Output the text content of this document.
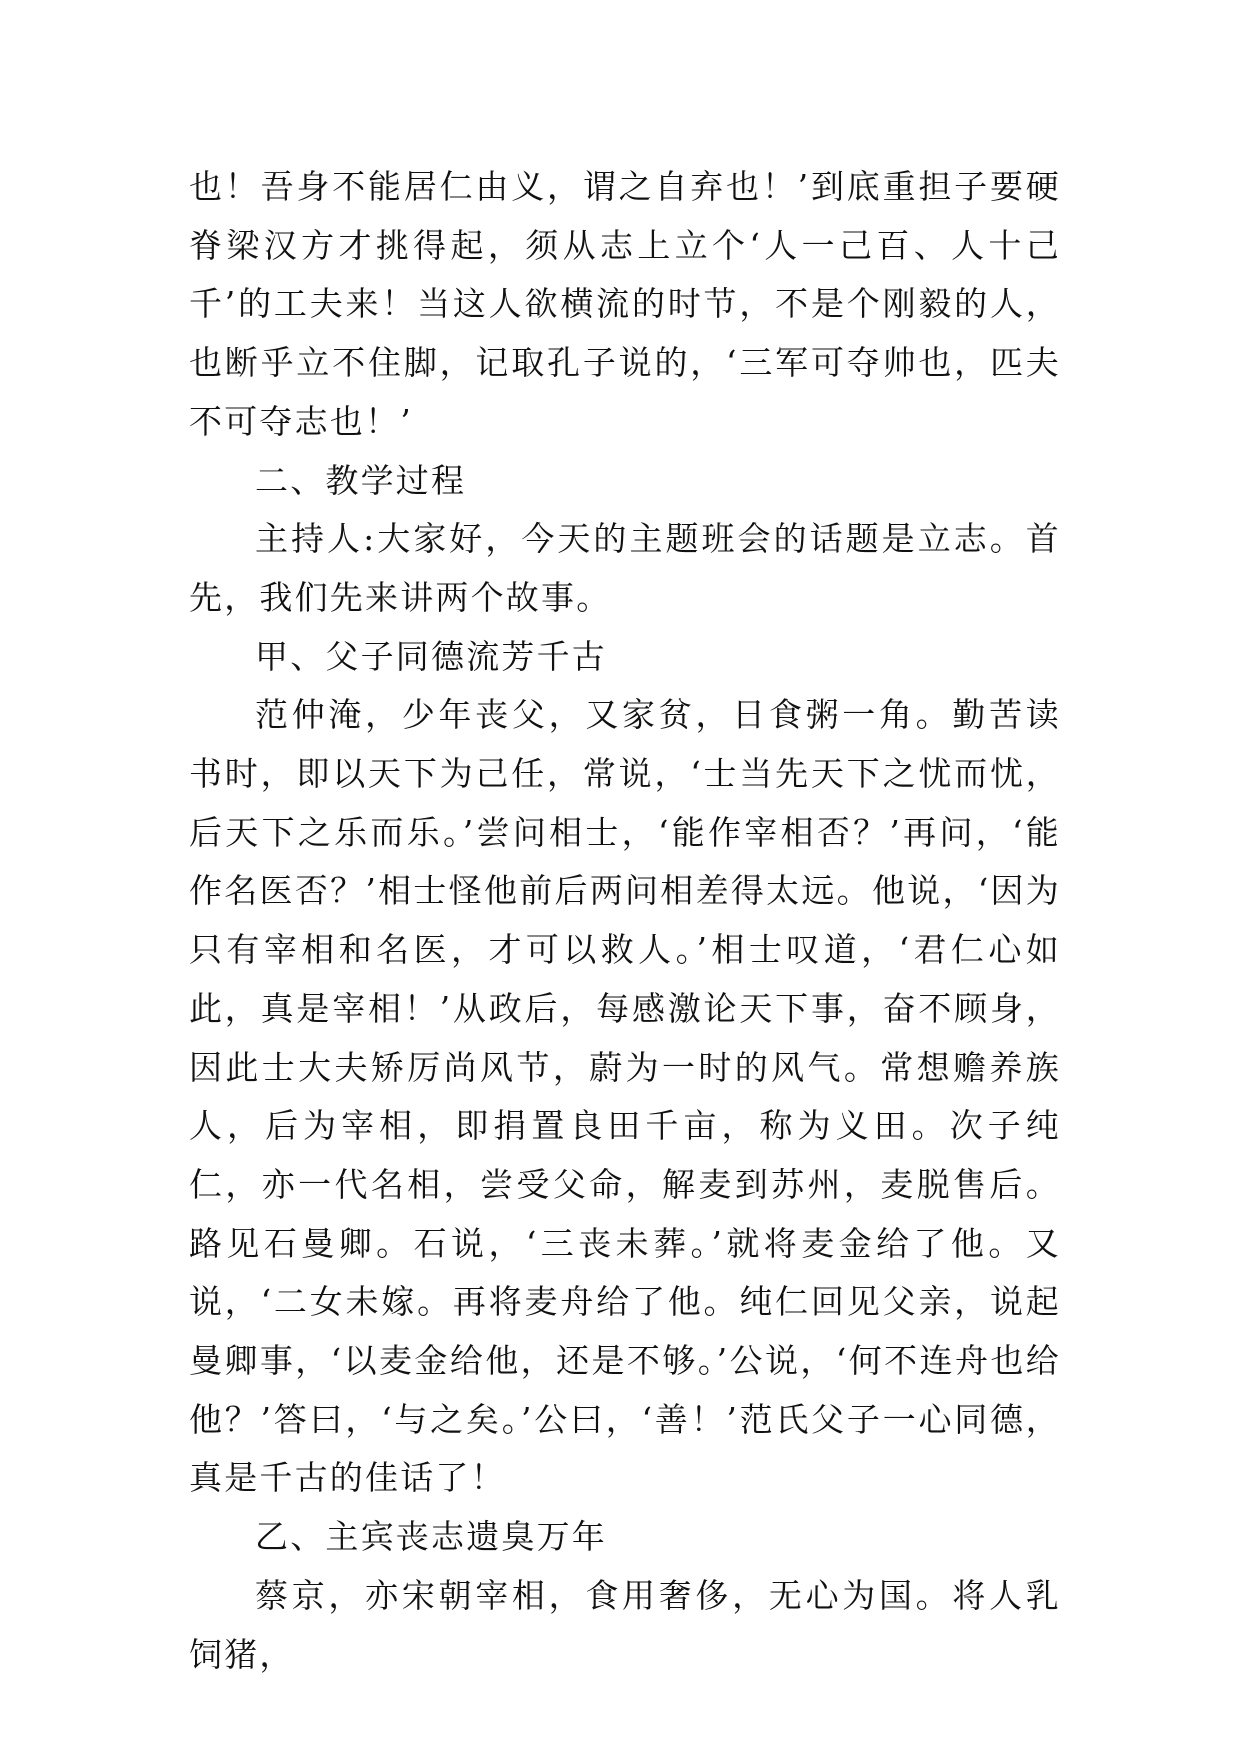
也！吾身不能居仁由义，谓之自弃也！’到底重担子要硬脊梁汉方才挑得起，须从志上立个‘人一己百、人十己千’的工夫来！当这人欲横流的时节，不是个刚毅的人，也断乎立不住脚，记取孔子说的，‘三军可夺帅也，匹夫不可夺志也！’

二、教学过程

主持人:大家好，今天的主题班会的话题是立志。首先，我们先来讲两个故事。

甲、父子同德流芳千古

范仲淹，少年丧父，又家贫，日食粥一角。勤苦读书时，即以天下为己任，常说，‘士当先天下之忧而忧，后天下之乐而乐。’尝问相士，‘能作宰相否？’再问，‘能作名医否？’相士怪他前后两问相差得太远。他说，‘因为只有宰相和名医，才可以救人。’相士叹道，‘君仁心如此，真是宰相！’从政后，每感激论天下事，奋不顾身，因此士大夫矫厉尚风节，蔚为一时的风气。常想赡养族人，后为宰相，即捐置良田千亩，称为义田。次子纯仁，亦一代名相，尝受父命，解麦到苏州，麦脱售后。路见石曼卿。石说，‘三丧未葬。’就将麦金给了他。又说，‘二女未嫁。再将麦舟给了他。纯仁回见父亲，说起曼卿事，‘以麦金给他，还是不够。’公说，‘何不连舟也给他？’答曰，‘与之矣。’公曰，‘善！’范氏父子一心同德，真是千古的佳话了！

乙、主宾丧志遗臭万年

蔡京，亦宋朝宰相，食用奢侈，无心为国。将人乳饲猪，
